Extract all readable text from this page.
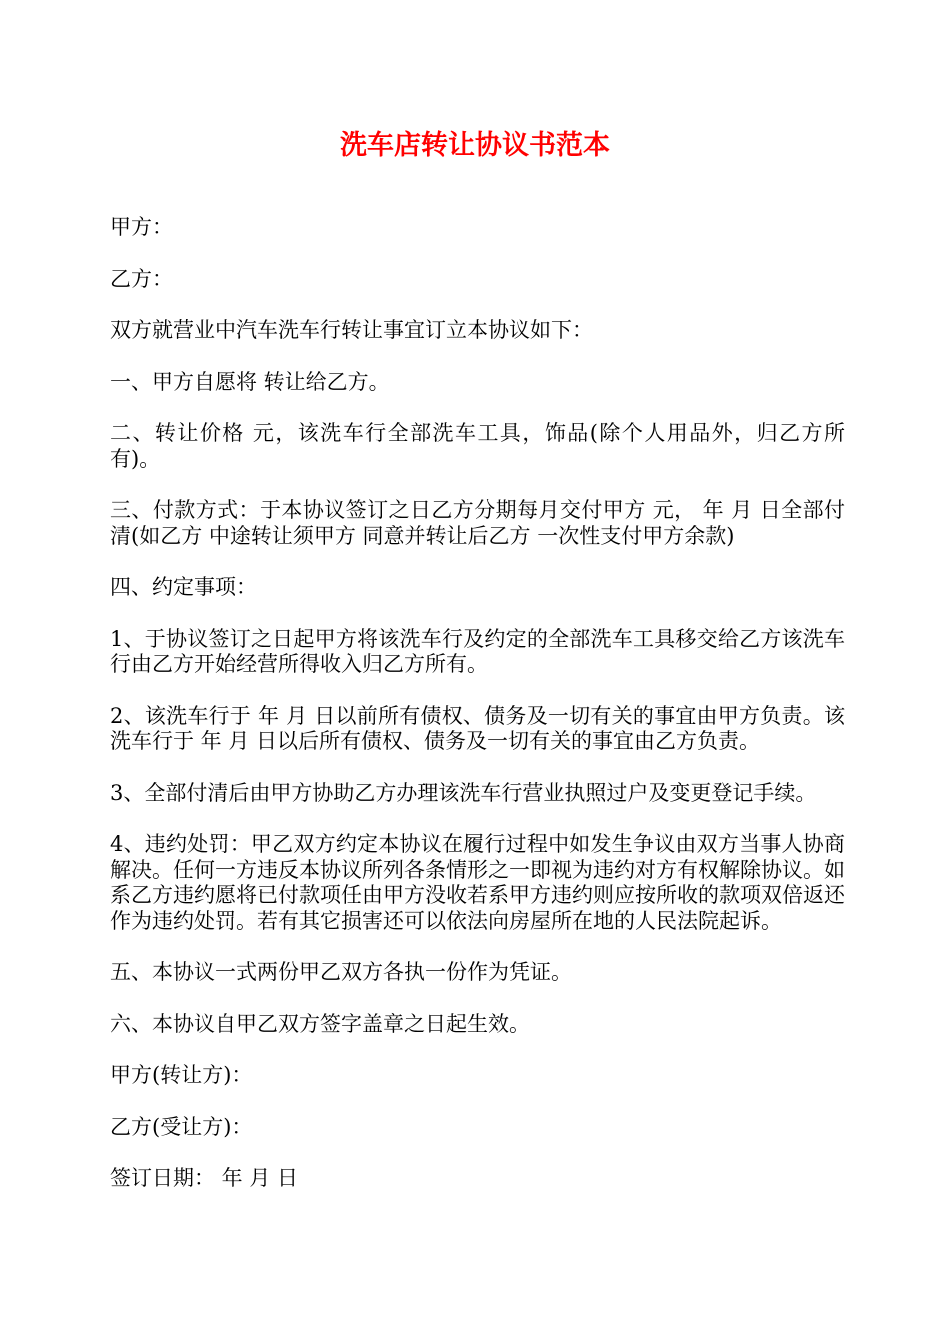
洗车店转让协议书范本

甲方：

乙方：

双方就营业中汽车洗车行转让事宜订立本协议如下：

一、甲方自愿将 转让给乙方。

二、转让价格 元，该洗车行全部洗车工具，饰品(除个人用品外，归乙方所有)。

三、付款方式：于本协议签订之日乙方分期每月交付甲方 元， 年 月 日全部付清(如乙方 中途转让须甲方 同意并转让后乙方 一次性支付甲方余款)

四、约定事项：

1、于协议签订之日起甲方将该洗车行及约定的全部洗车工具移交给乙方该洗车行由乙方开始经营所得收入归乙方所有。

2、该洗车行于 年 月 日以前所有债权、债务及一切有关的事宜由甲方负责。该洗车行于 年 月 日以后所有债权、债务及一切有关的事宜由乙方负责。

3、全部付清后由甲方协助乙方办理该洗车行营业执照过户及变更登记手续。

4、违约处罚：甲乙双方约定本协议在履行过程中如发生争议由双方当事人协商解决。任何一方违反本协议所列各条情形之一即视为违约对方有权解除协议。如系乙方违约愿将已付款项任由甲方没收若系甲方违约则应按所收的款项双倍返还作为违约处罚。若有其它损害还可以依法向房屋所在地的人民法院起诉。

五、本协议一式两份甲乙双方各执一份作为凭证。

六、本协议自甲乙双方签字盖章之日起生效。

甲方(转让方)：

乙方(受让方)：

签订日期： 年 月 日
